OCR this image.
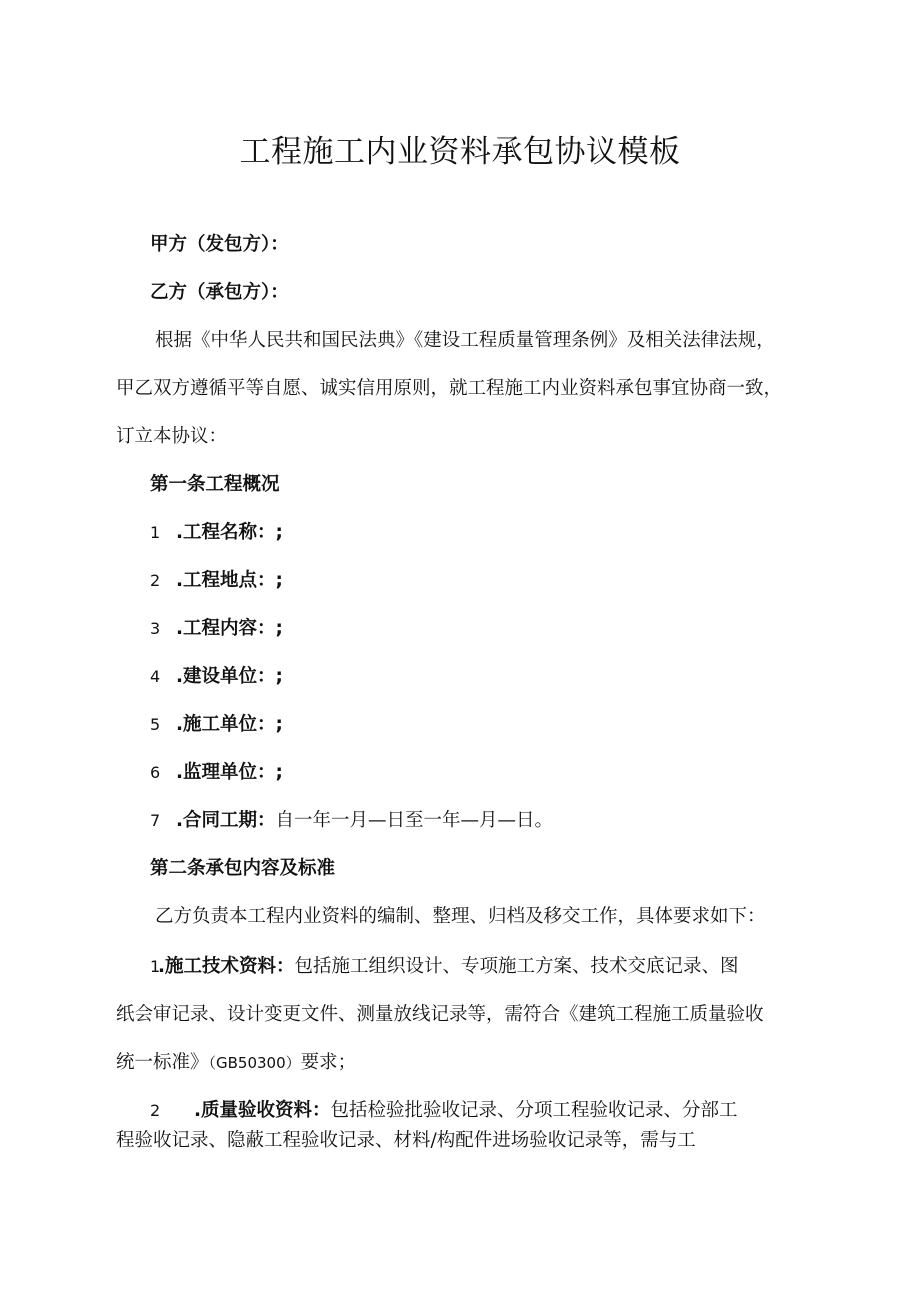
工程施工内业资料承包协议模板
甲方（发包方）：
乙方（承包方）：
根据《中华人民共和国民法典》《建设工程质量管理条例》及相关法律法规，
甲乙双方遵循平等自愿、诚实信用原则，就工程施工内业资料承包事宜协商一致，
订立本协议：
第一条工程概况
1 .工程名称：;
2 .工程地点：;
3 .工程内容：;
4 .建设单位：;
5 .施工单位：;
6 .监理单位：;
7 .合同工期：自一年一月—日至一年—月—日。
第二条承包内容及标准
乙方负责本工程内业资料的编制、整理、归档及移交工作，具体要求如下：
1.施工技术资料：包括施工组织设计、专项施工方案、技术交底记录、图
纸会审记录、设计变更文件、测量放线记录等，需符合《建筑工程施工质量验收
统一标准》（GB50300）要求；
2 .质量验收资料：包括检验批验收记录、分项工程验收记录、分部工
程验收记录、隐蔽工程验收记录、材料/构配件进场验收记录等，需与工
